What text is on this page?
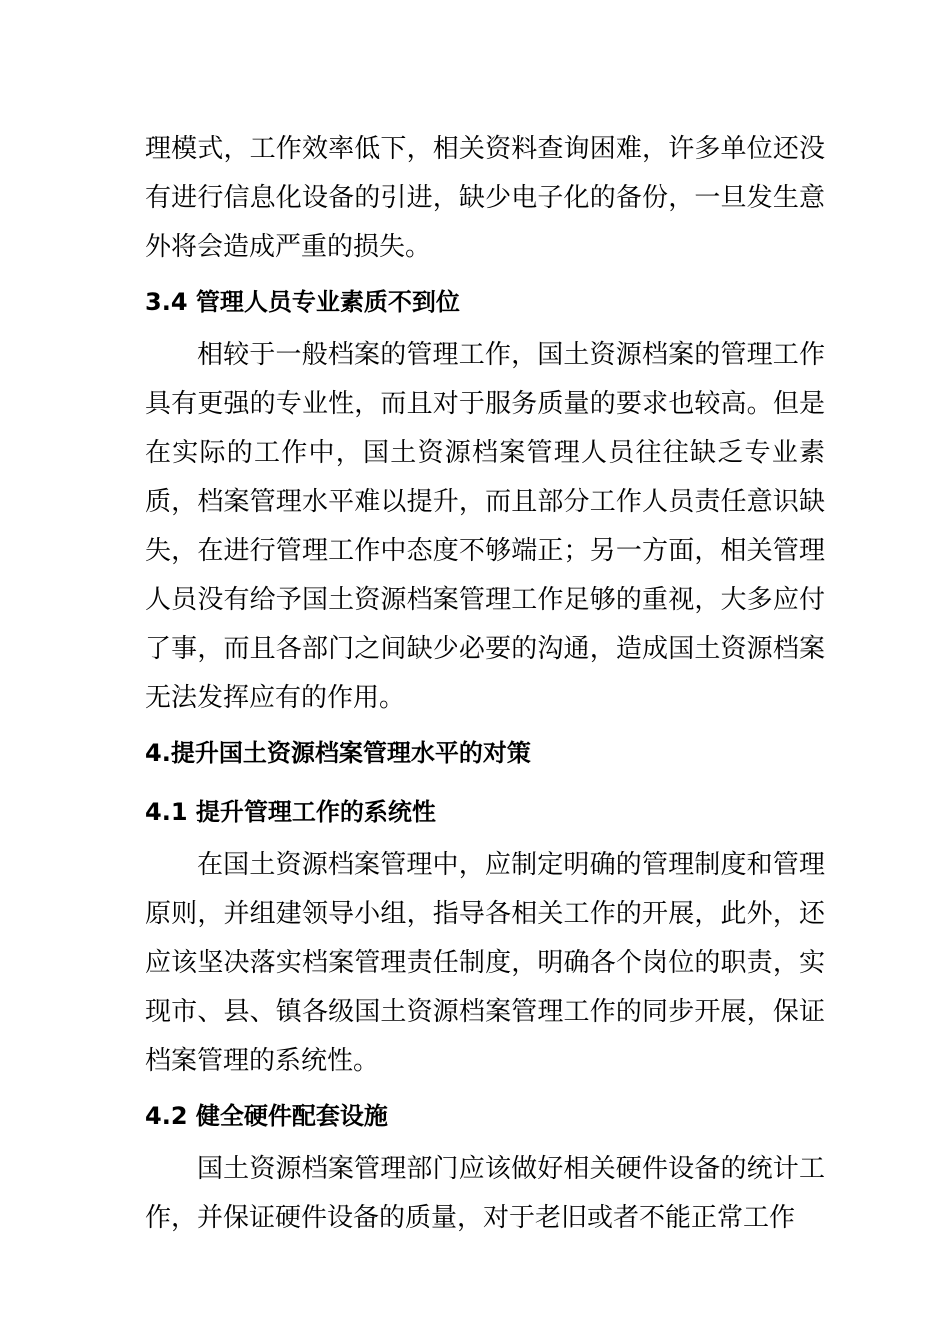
理模式，工作效率低下，相关资料查询困难，许多单位还没有进行信息化设备的引进，缺少电子化的备份，一旦发生意外将会造成严重的损失。

3.4 管理人员专业素质不到位

相较于一般档案的管理工作，国土资源档案的管理工作具有更强的专业性，而且对于服务质量的要求也较高。但是在实际的工作中，国土资源档案管理人员往往缺乏专业素质，档案管理水平难以提升，而且部分工作人员责任意识缺失，在进行管理工作中态度不够端正；另一方面，相关管理人员没有给予国土资源档案管理工作足够的重视，大多应付了事，而且各部门之间缺少必要的沟通，造成国土资源档案无法发挥应有的作用。

4.提升国土资源档案管理水平的对策
4.1 提升管理工作的系统性

在国土资源档案管理中，应制定明确的管理制度和管理原则，并组建领导小组，指导各相关工作的开展，此外，还应该坚决落实档案管理责任制度，明确各个岗位的职责，实现市、县、镇各级国土资源档案管理工作的同步开展，保证档案管理的系统性。

4.2 健全硬件配套设施

国土资源档案管理部门应该做好相关硬件设备的统计工作，并保证硬件设备的质量，对于老旧或者不能正常工作
